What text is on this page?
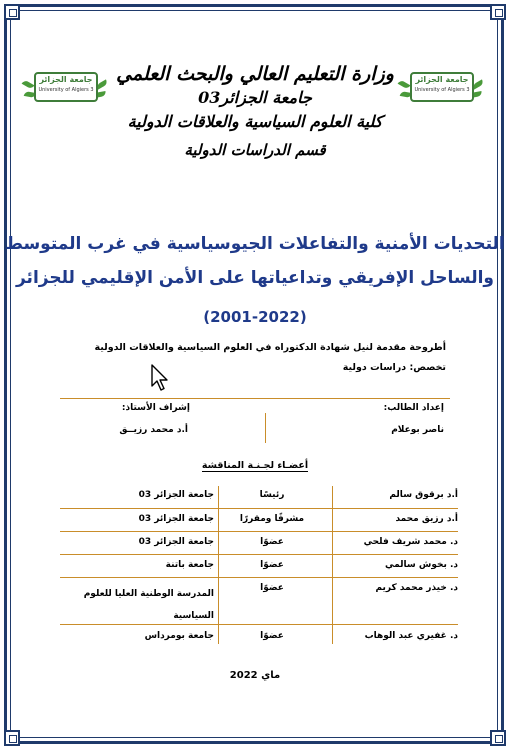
جامعة الجزائر
University of Algiers 3
جامعة الجزائر
University of Algiers 3
وزارة التعليم العالي والبحث العلمي
جامعة الجزائر03
كلية العلوم السياسية والعلاقات الدولية
قسم الدراسات الدولية
التحديات الأمنية والتفاعلات الجيوسياسية في غرب المتوسط
والساحل الإفريقي وتداعياتها على الأمن الإقليمي للجزائر
(2001-2022)
أطروحة مقدمة لنيل شهادة الدكتوراه في العلوم السياسية والعلاقات الدولية
تخصص: دراسات دولية
إعداد الطالب:
إشراف الأستاذ:
ناصر بوعلام
أ.د محمد رزيــق
أعضـاء لجـنـة المناقشة
أ.د برقوق سالم
رئيسًا
جامعة الجزائر 03
أ.د رزيق محمد
مشرفًا ومقررًا
جامعة الجزائر 03
د. محمد شريف فلحي
عضوًا
جامعة الجزائر 03
د. بخوش سالمي
عضوًا
جامعة باتنة
د. خيذر محمد كريم
عضوًا
المدرسة الوطنية العليا للعلوم السياسية
د. غفيري عبد الوهاب
عضوًا
جامعة بومرداس
ماي 2022
